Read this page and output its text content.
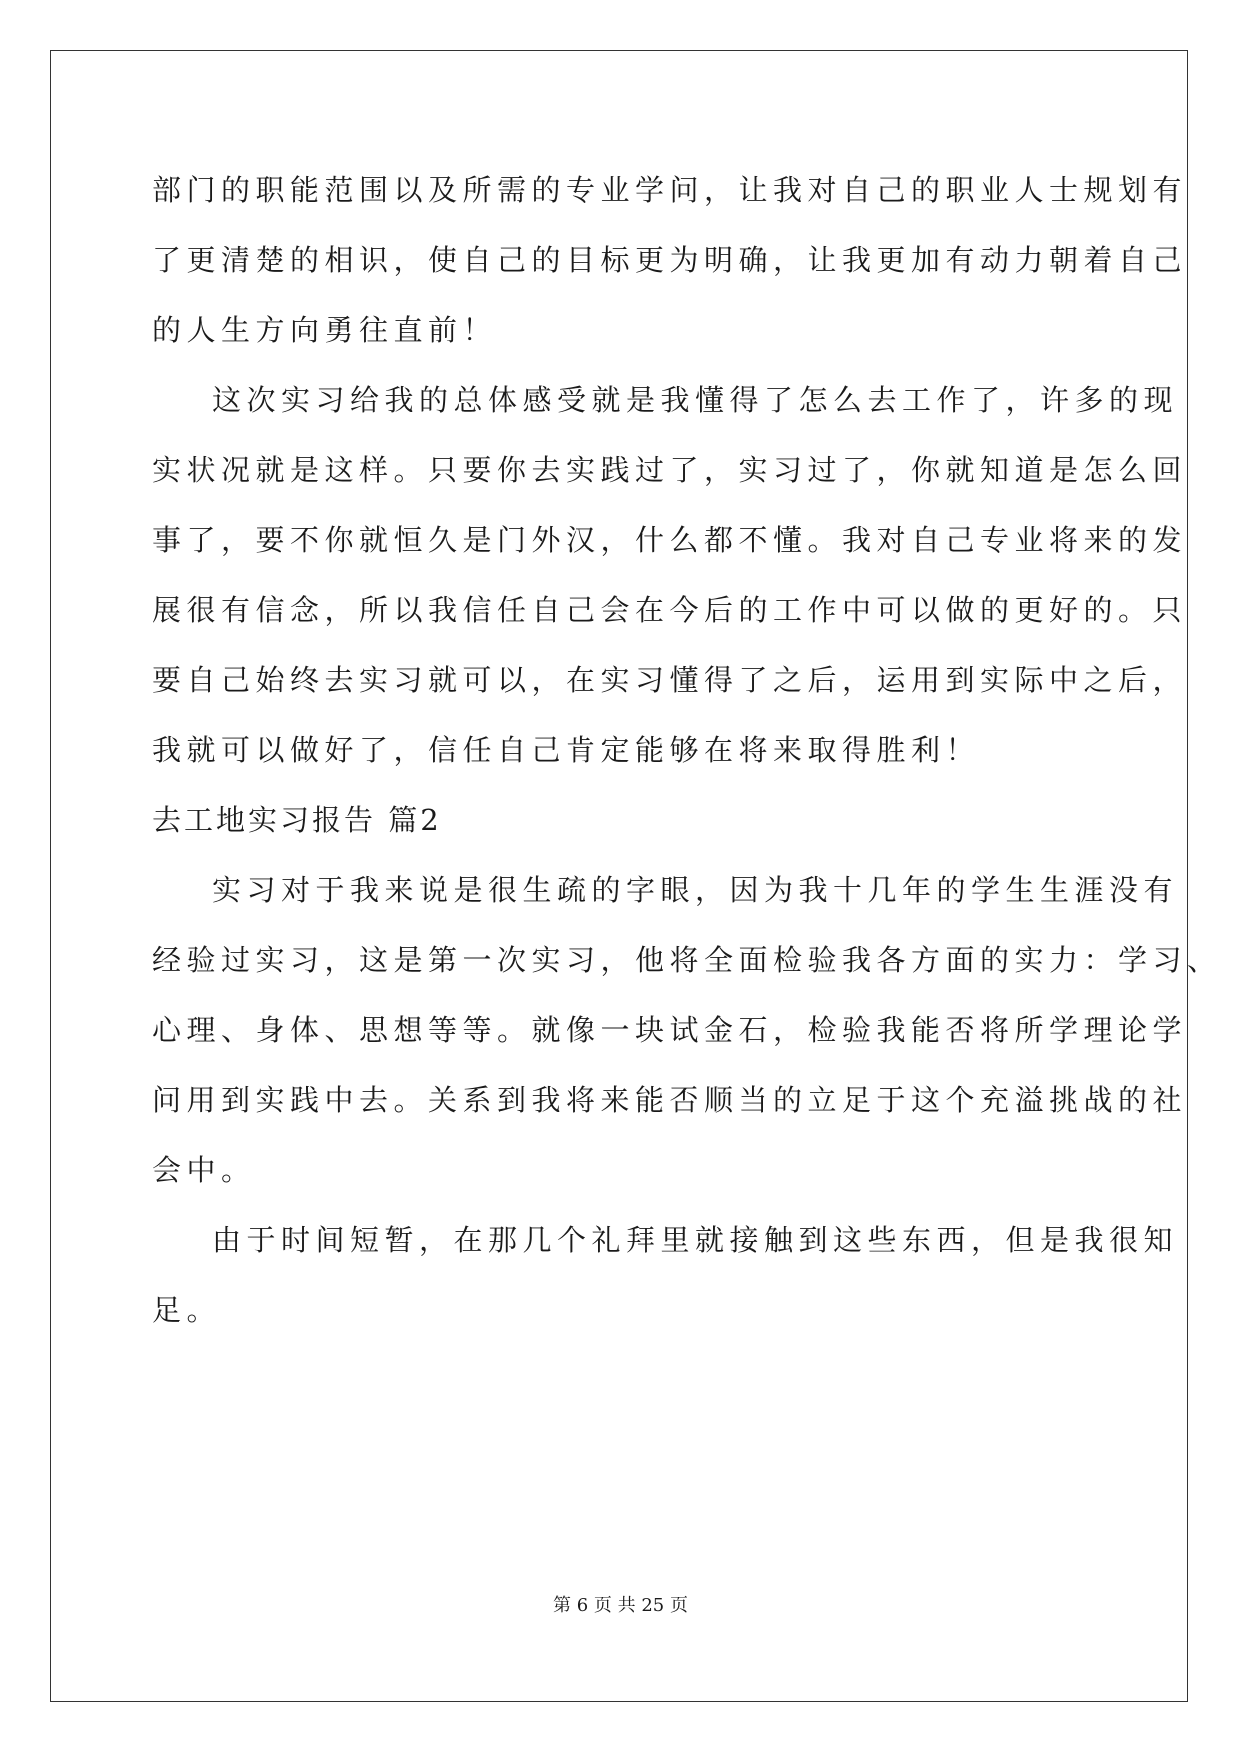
部门的职能范围以及所需的专业学问，让我对自己的职业人士规划有
了更清楚的相识，使自己的目标更为明确，让我更加有动力朝着自己
的人生方向勇往直前！
这次实习给我的总体感受就是我懂得了怎么去工作了，许多的现
实状况就是这样。只要你去实践过了，实习过了，你就知道是怎么回
事了，要不你就恒久是门外汉，什么都不懂。我对自己专业将来的发
展很有信念，所以我信任自己会在今后的工作中可以做的更好的。只
要自己始终去实习就可以，在实习懂得了之后，运用到实际中之后，
我就可以做好了，信任自己肯定能够在将来取得胜利！
去工地实习报告 篇2
实习对于我来说是很生疏的字眼，因为我十几年的学生生涯没有
经验过实习，这是第一次实习，他将全面检验我各方面的实力：学习、
心理、身体、思想等等。就像一块试金石，检验我能否将所学理论学
问用到实践中去。关系到我将来能否顺当的立足于这个充溢挑战的社
会中。
由于时间短暂，在那几个礼拜里就接触到这些东西，但是我很知
足。
第 6 页 共 25 页
